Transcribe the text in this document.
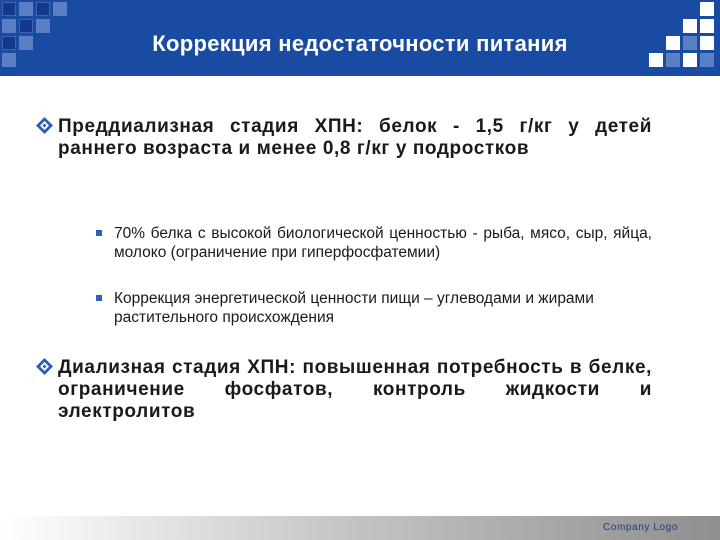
Коррекция недостаточности питания
Преддиализная стадия ХПН: белок - 1,5 г/кг у детей раннего возраста и менее 0,8 г/кг у подростков
70% белка с высокой биологической ценностью - рыба, мясо, сыр, яйца, молоко (ограничение при гиперфосфатемии)
Коррекция энергетической ценности пищи – углеводами и жирами растительного происхождения
Диализная стадия ХПН: повышенная потребность в белке, ограничение фосфатов, контроль жидкости и электролитов
Company Logo
